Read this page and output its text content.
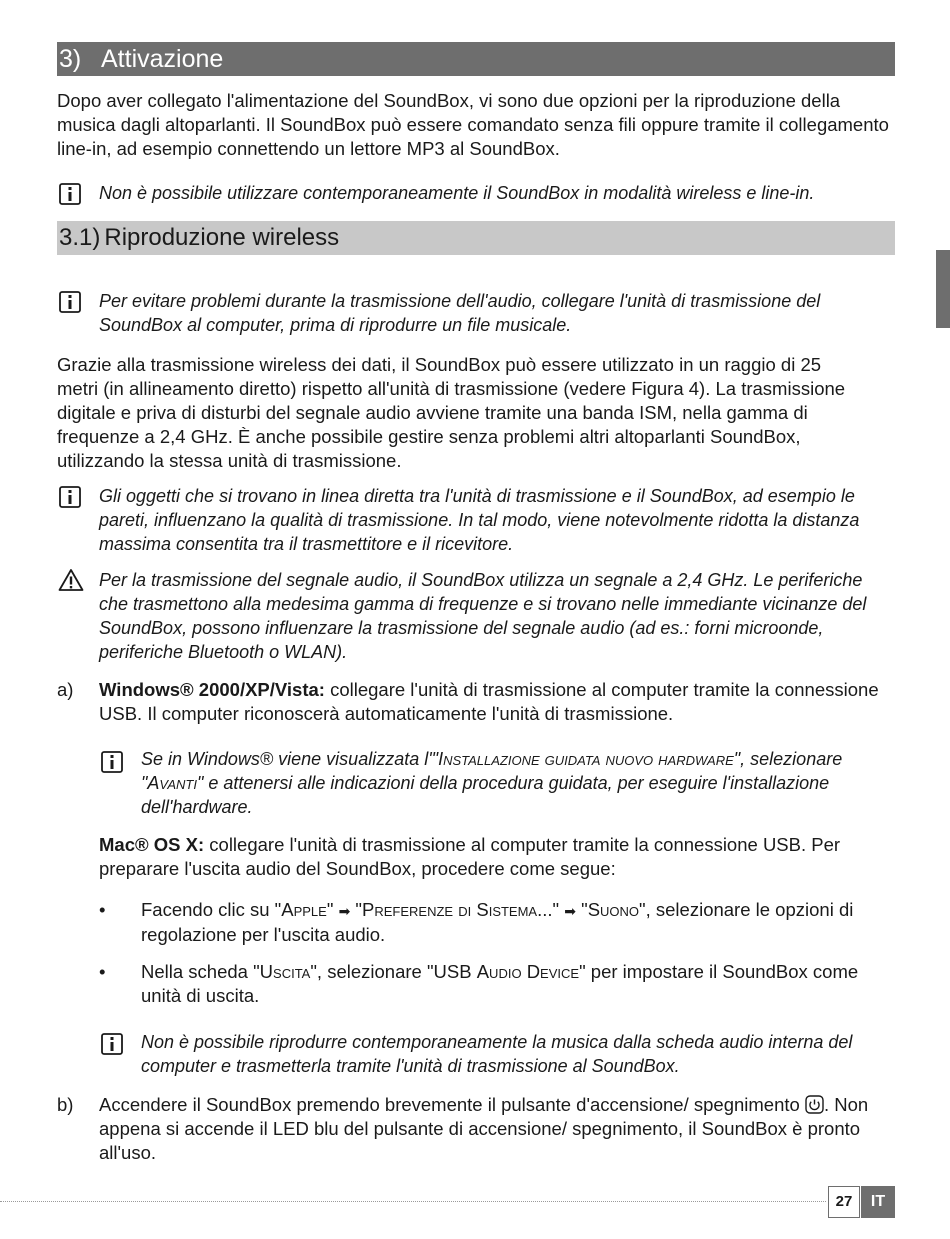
3) Attivazione
Dopo aver collegato l'alimentazione del SoundBox, vi sono due opzioni per la riproduzione della musica dagli altoparlanti. Il SoundBox può essere comandato senza fili oppure tramite il collegamento line-in, ad esempio connettendo un lettore MP3 al SoundBox.
Non è possibile utilizzare contemporaneamente il SoundBox in modalità wireless e line-in.
3.1) Riproduzione wireless
Per evitare problemi durante la trasmissione dell'audio, collegare l'unità di trasmissione del SoundBox al computer, prima di riprodurre un file musicale.
Grazie alla trasmissione wireless dei dati, il SoundBox può essere utilizzato in un raggio di 25 metri (in allineamento diretto) rispetto all'unità di trasmissione (vedere Figura 4). La trasmissione digitale e priva di disturbi del segnale audio avviene tramite una banda ISM, nella gamma di frequenze a 2,4 GHz. È anche possibile gestire senza problemi altri altoparlanti SoundBox, utilizzando la stessa unità di trasmissione.
Gli oggetti che si trovano in linea diretta tra l'unità di trasmissione e il SoundBox, ad esempio le pareti, influenzano la qualità di trasmissione. In tal modo, viene notevolmente ridotta la distanza massima consentita tra il trasmettitore e il ricevitore.
Per la trasmissione del segnale audio, il SoundBox utilizza un segnale a 2,4 GHz. Le periferiche che trasmettono alla medesima gamma di frequenze e si trovano nelle immediante vicinanze del SoundBox, possono influenzare la trasmissione del segnale audio (ad es.: forni microonde, periferiche Bluetooth o WLAN).
a) Windows® 2000/XP/Vista: collegare l'unità di trasmissione al computer tramite la connessione USB. Il computer riconoscerà automaticamente l'unità di trasmissione.
Se in Windows® viene visualizzata l'"Installazione guidata nuovo hardware", selezionare "Avanti" e attenersi alle indicazioni della procedura guidata, per eseguire l'installazione dell'hardware.
Mac® OS X: collegare l'unità di trasmissione al computer tramite la connessione USB. Per preparare l'uscita audio del SoundBox, procedere come segue:
• Facendo clic su "Apple" ➡ "Preferenze di Sistema..." ➡ "Suono", selezionare le opzioni di regolazione per l'uscita audio.
• Nella scheda "Uscita", selezionare "USB Audio Device" per impostare il SoundBox come unità di uscita.
Non è possibile riprodurre contemporaneamente la musica dalla scheda audio interna del computer e trasmetterla tramite l'unità di trasmissione al SoundBox.
b) Accendere il SoundBox premendo brevemente il pulsante d'accensione/ spegnimento . Non appena si accende il LED blu del pulsante di accensione/ spegnimento, il SoundBox è pronto all'uso.
27	IT
